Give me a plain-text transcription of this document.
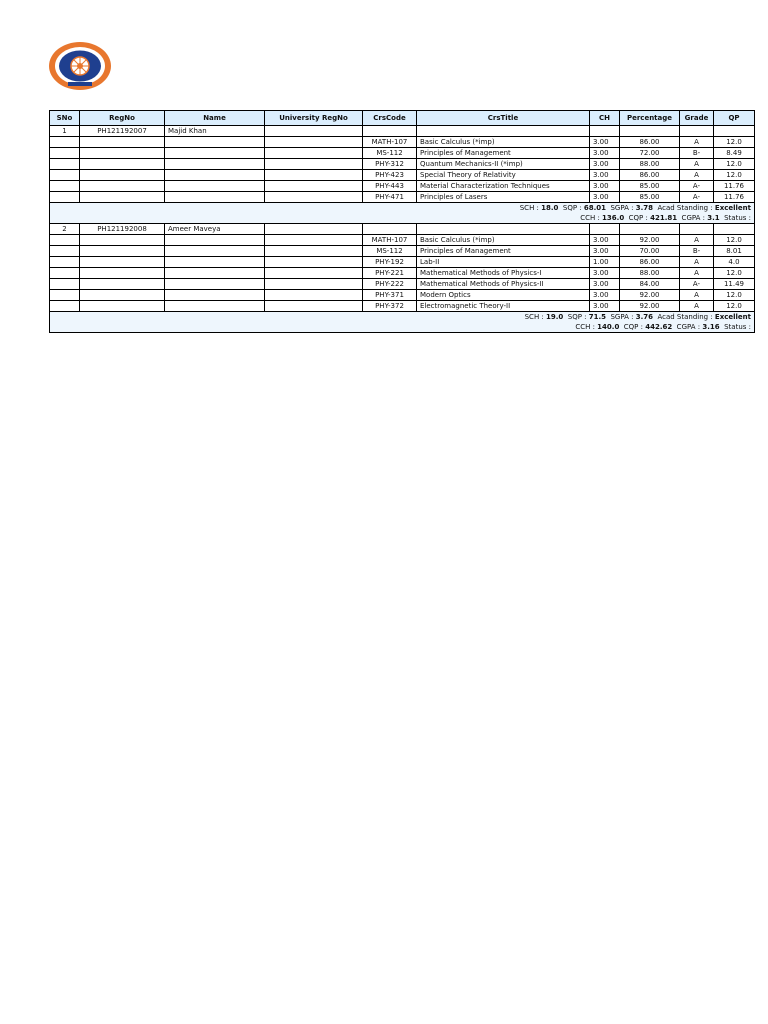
SNo	RegNo	Name	University RegNo	CrsCode	CrsTitle	CH	Percentage	Grade	QP
1	PH121192007	Majid Khan							
				MATH-107	Basic Calculus (*imp)	3.00	86.00	A	12.0
				MS-112	Principles of Management	3.00	72.00	B-	8.49
				PHY-312	Quantum Mechanics-II (*imp)	3.00	88.00	A	12.0
				PHY-423	Special Theory of Relativity	3.00	86.00	A	12.0
				PHY-443	Material Characterization Techniques	3.00	85.00	A-	11.76
				PHY-471	Principles of Lasers	3.00	85.00	A-	11.76
SCH : 18.0  SQP : 68.01  SGPA : 3.78  Acad Standing : Excellent									
CCH : 136.0  CQP : 421.81  CGPA : 3.1  Status :									
2	PH121192008	Ameer Maveya							
				MATH-107	Basic Calculus (*imp)	3.00	92.00	A	12.0
				MS-112	Principles of Management	3.00	70.00	B-	8.01
				PHY-192	Lab-II	1.00	86.00	A	4.0
				PHY-221	Mathematical Methods of Physics-I	3.00	88.00	A	12.0
				PHY-222	Mathematical Methods of Physics-II	3.00	84.00	A-	11.49
				PHY-371	Modern Optics	3.00	92.00	A	12.0
				PHY-372	Electromagnetic Theory-II	3.00	92.00	A	12.0
SCH : 19.0  SQP : 71.5  SGPA : 3.76  Acad Standing : Excellent									
CCH : 140.0  CQP : 442.62  CGPA : 3.16  Status :									
